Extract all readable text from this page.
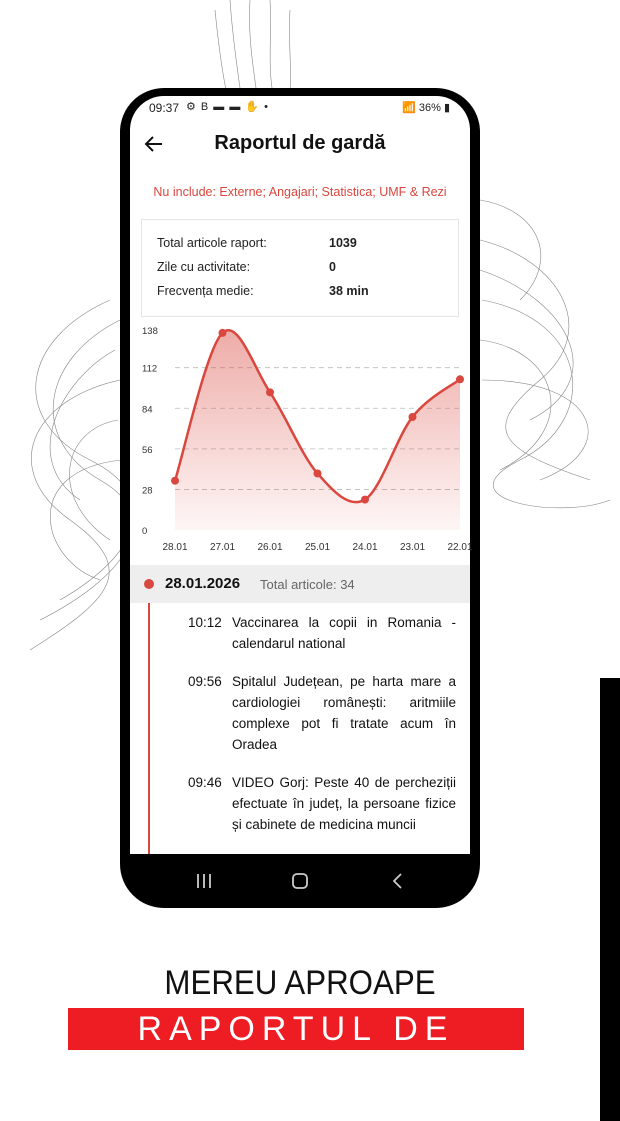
09:37 ⚙ B ▬ ▬ ✋ •	📶 36% ▮
Raportul de gardă
Nu include: Externe; Angajari; Statistica; UMF & Rezi
Total articole raport:	1039
Zile cu activitate:	0
Frecvența medie:	38 min
0
28
56
84
112
138
28.01 27.01 26.01 25.01 24.01 23.01 22.01
28.01.2026 Total articole: 34
10:12 Vaccinarea la copii in Romania - calendarul national
09:56 Spitalul Județean, pe harta mare a cardiologiei românești: aritmiile complexe pot fi tratate acum în Oradea
09:46 VIDEO Gorj: Peste 40 de percheziții efectuate în județ, la persoane fizice și cabinete de medicina muncii
MEREU APROAPE
RAPORTUL DE GARDĂ
